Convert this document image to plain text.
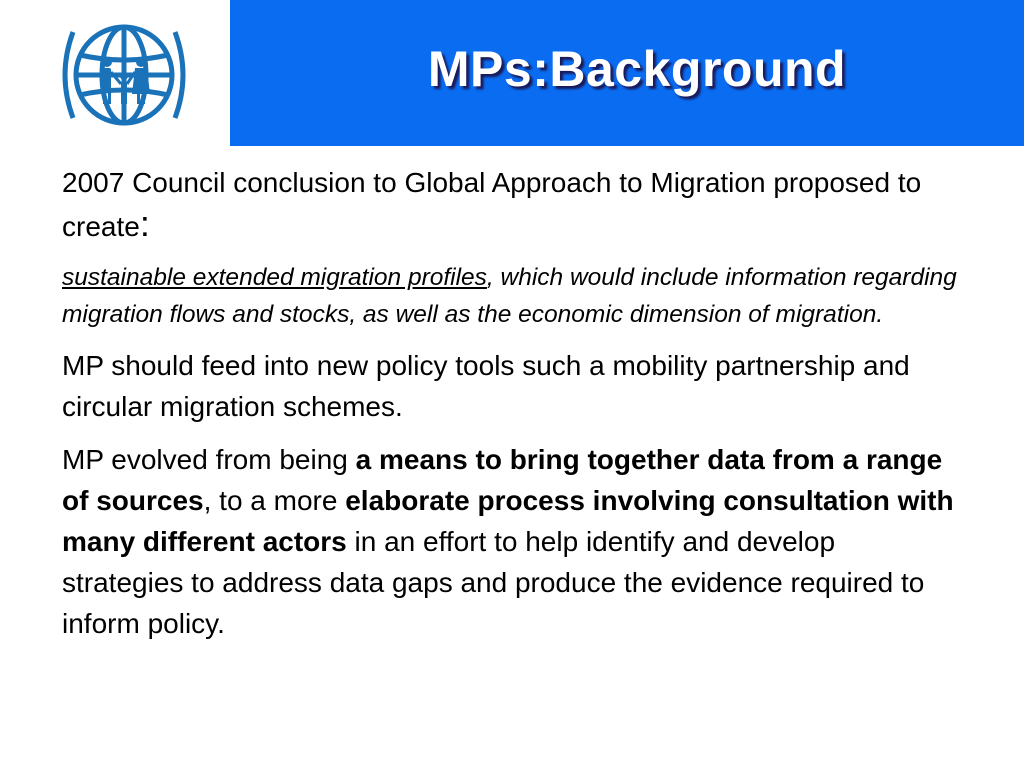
MPs:Background

2007 Council conclusion to Global Approach to Migration proposed to create:

sustainable extended migration profiles, which would include information regarding migration flows and stocks, as well as the economic dimension of migration.

MP should feed into new policy tools such a mobility partnership and circular migration schemes.

MP evolved from being a means to bring together data from a range of sources, to a more elaborate process involving consultation with many different actors in an effort to help identify and develop strategies to address data gaps and produce the evidence required to inform policy.
